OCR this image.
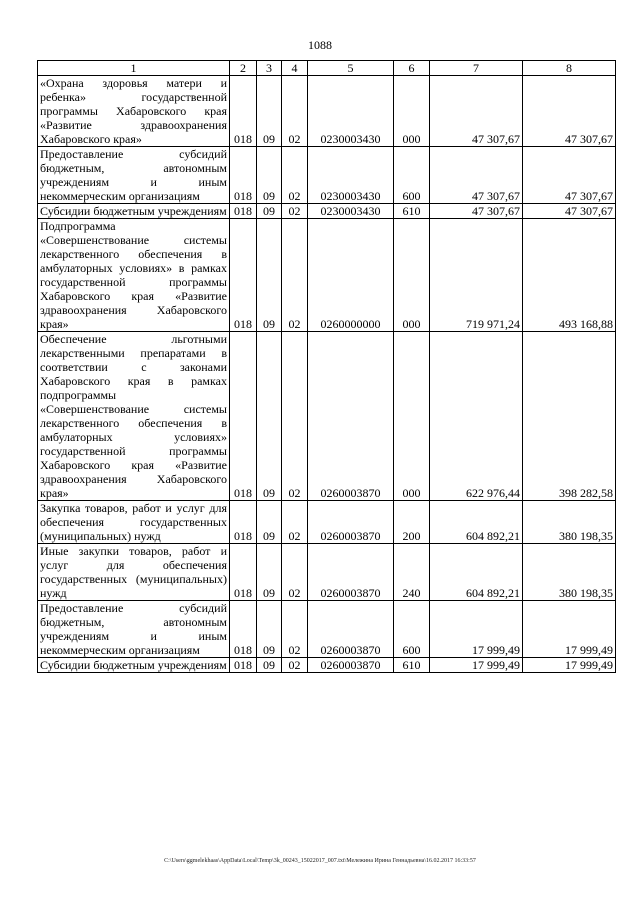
1088
1	2	3	4	5	6	7	8
«Охрана здоровья матери и ребенка» государственной программы Хабаровского края «Развитие здравоохранения Хабаровского края»	018	09	02	0230003430	000	47 307,67	47 307,67
Предоставление субсидий бюджетным, автономным учреждениям и иным некоммерческим организациям	018	09	02	0230003430	600	47 307,67	47 307,67
Субсидии бюджетным учреждениям	018	09	02	0230003430	610	47 307,67	47 307,67
Подпрограмма «Совершенствование системы лекарственного обеспечения в амбулаторных условиях» в рамках государственной программы Хабаровского края «Развитие здравоохранения Хабаровского края»	018	09	02	0260000000	000	719 971,24	493 168,88
Обеспечение льготными лекарственными препаратами в соответствии с законами Хабаровского края в рамках подпрограммы «Совершенствование системы лекарственного обеспечения в амбулаторных условиях» государственной программы Хабаровского края «Развитие здравоохранения Хабаровского края»	018	09	02	0260003870	000	622 976,44	398 282,58
Закупка товаров, работ и услуг для обеспечения государственных (муниципальных) нужд	018	09	02	0260003870	200	604 892,21	380 198,35
Иные закупки товаров, работ и услуг для обеспечения государственных (муниципальных) нужд	018	09	02	0260003870	240	604 892,21	380 198,35
Предоставление субсидий бюджетным, автономным учреждениям и иным некоммерческим организациям	018	09	02	0260003870	600	17 999,49	17 999,49
Субсидии бюджетным учреждениям	018	09	02	0260003870	610	17 999,49	17 999,49
C:\Users\ggmelekhaas\AppData\Local\Temp\3k_00243_15022017_007.txt\Мележина Ирина Геннадьевна\16.02.2017 16:33:57
